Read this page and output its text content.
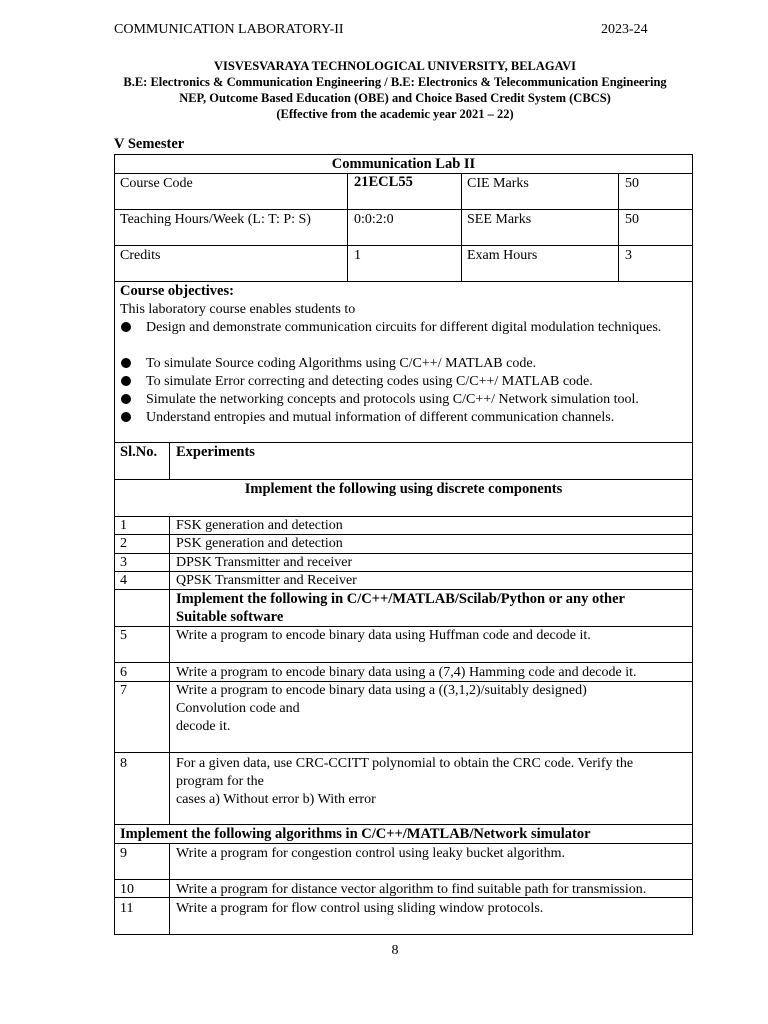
COMMUNICATION LABORATORY-II	2023-24
VISVESVARAYA TECHNOLOGICAL UNIVERSITY, BELAGAVI
B.E: Electronics & Communication Engineering / B.E: Electronics & Telecommunication Engineering
NEP, Outcome Based Education (OBE) and Choice Based Credit System (CBCS)
(Effective from the academic year 2021 – 22)
V Semester
Communication Lab II
Course Code	21ECL55	CIE Marks	50
Teaching Hours/Week (L: T: P: S)	0:0:2:0	SEE Marks	50
Credits	1	Exam Hours	3
Course objectives:
This laboratory course enables students to
Design and demonstrate communication circuits for different digital modulation techniques.
To simulate Source coding Algorithms using C/C++/ MATLAB code.
To simulate Error correcting and detecting codes using C/C++/ MATLAB code.
Simulate the networking concepts and protocols using C/C++/ Network simulation tool.
Understand entropies and mutual information of different communication channels.
Sl.No. Experiments
Implement the following using discrete components
1	FSK generation and detection
2	PSK generation and detection
3	DPSK Transmitter and receiver
4	QPSK Transmitter and Receiver
Implement the following in C/C++/MATLAB/Scilab/Python or any other
Suitable software
5	Write a program to encode binary data using Huffman code and decode it.
6	Write a program to encode binary data using a (7,4) Hamming code and decode it.
7	Write a program to encode binary data using a ((3,1,2)/suitably designed)
Convolution code and
decode it.
8	For a given data, use CRC-CCITT polynomial to obtain the CRC code. Verify the
program for the
cases a) Without error b) With error
Implement the following algorithms in C/C++/MATLAB/Network simulator
9	Write a program for congestion control using leaky bucket algorithm.
10	Write a program for distance vector algorithm to find suitable path for transmission.
11	Write a program for flow control using sliding window protocols.
8
